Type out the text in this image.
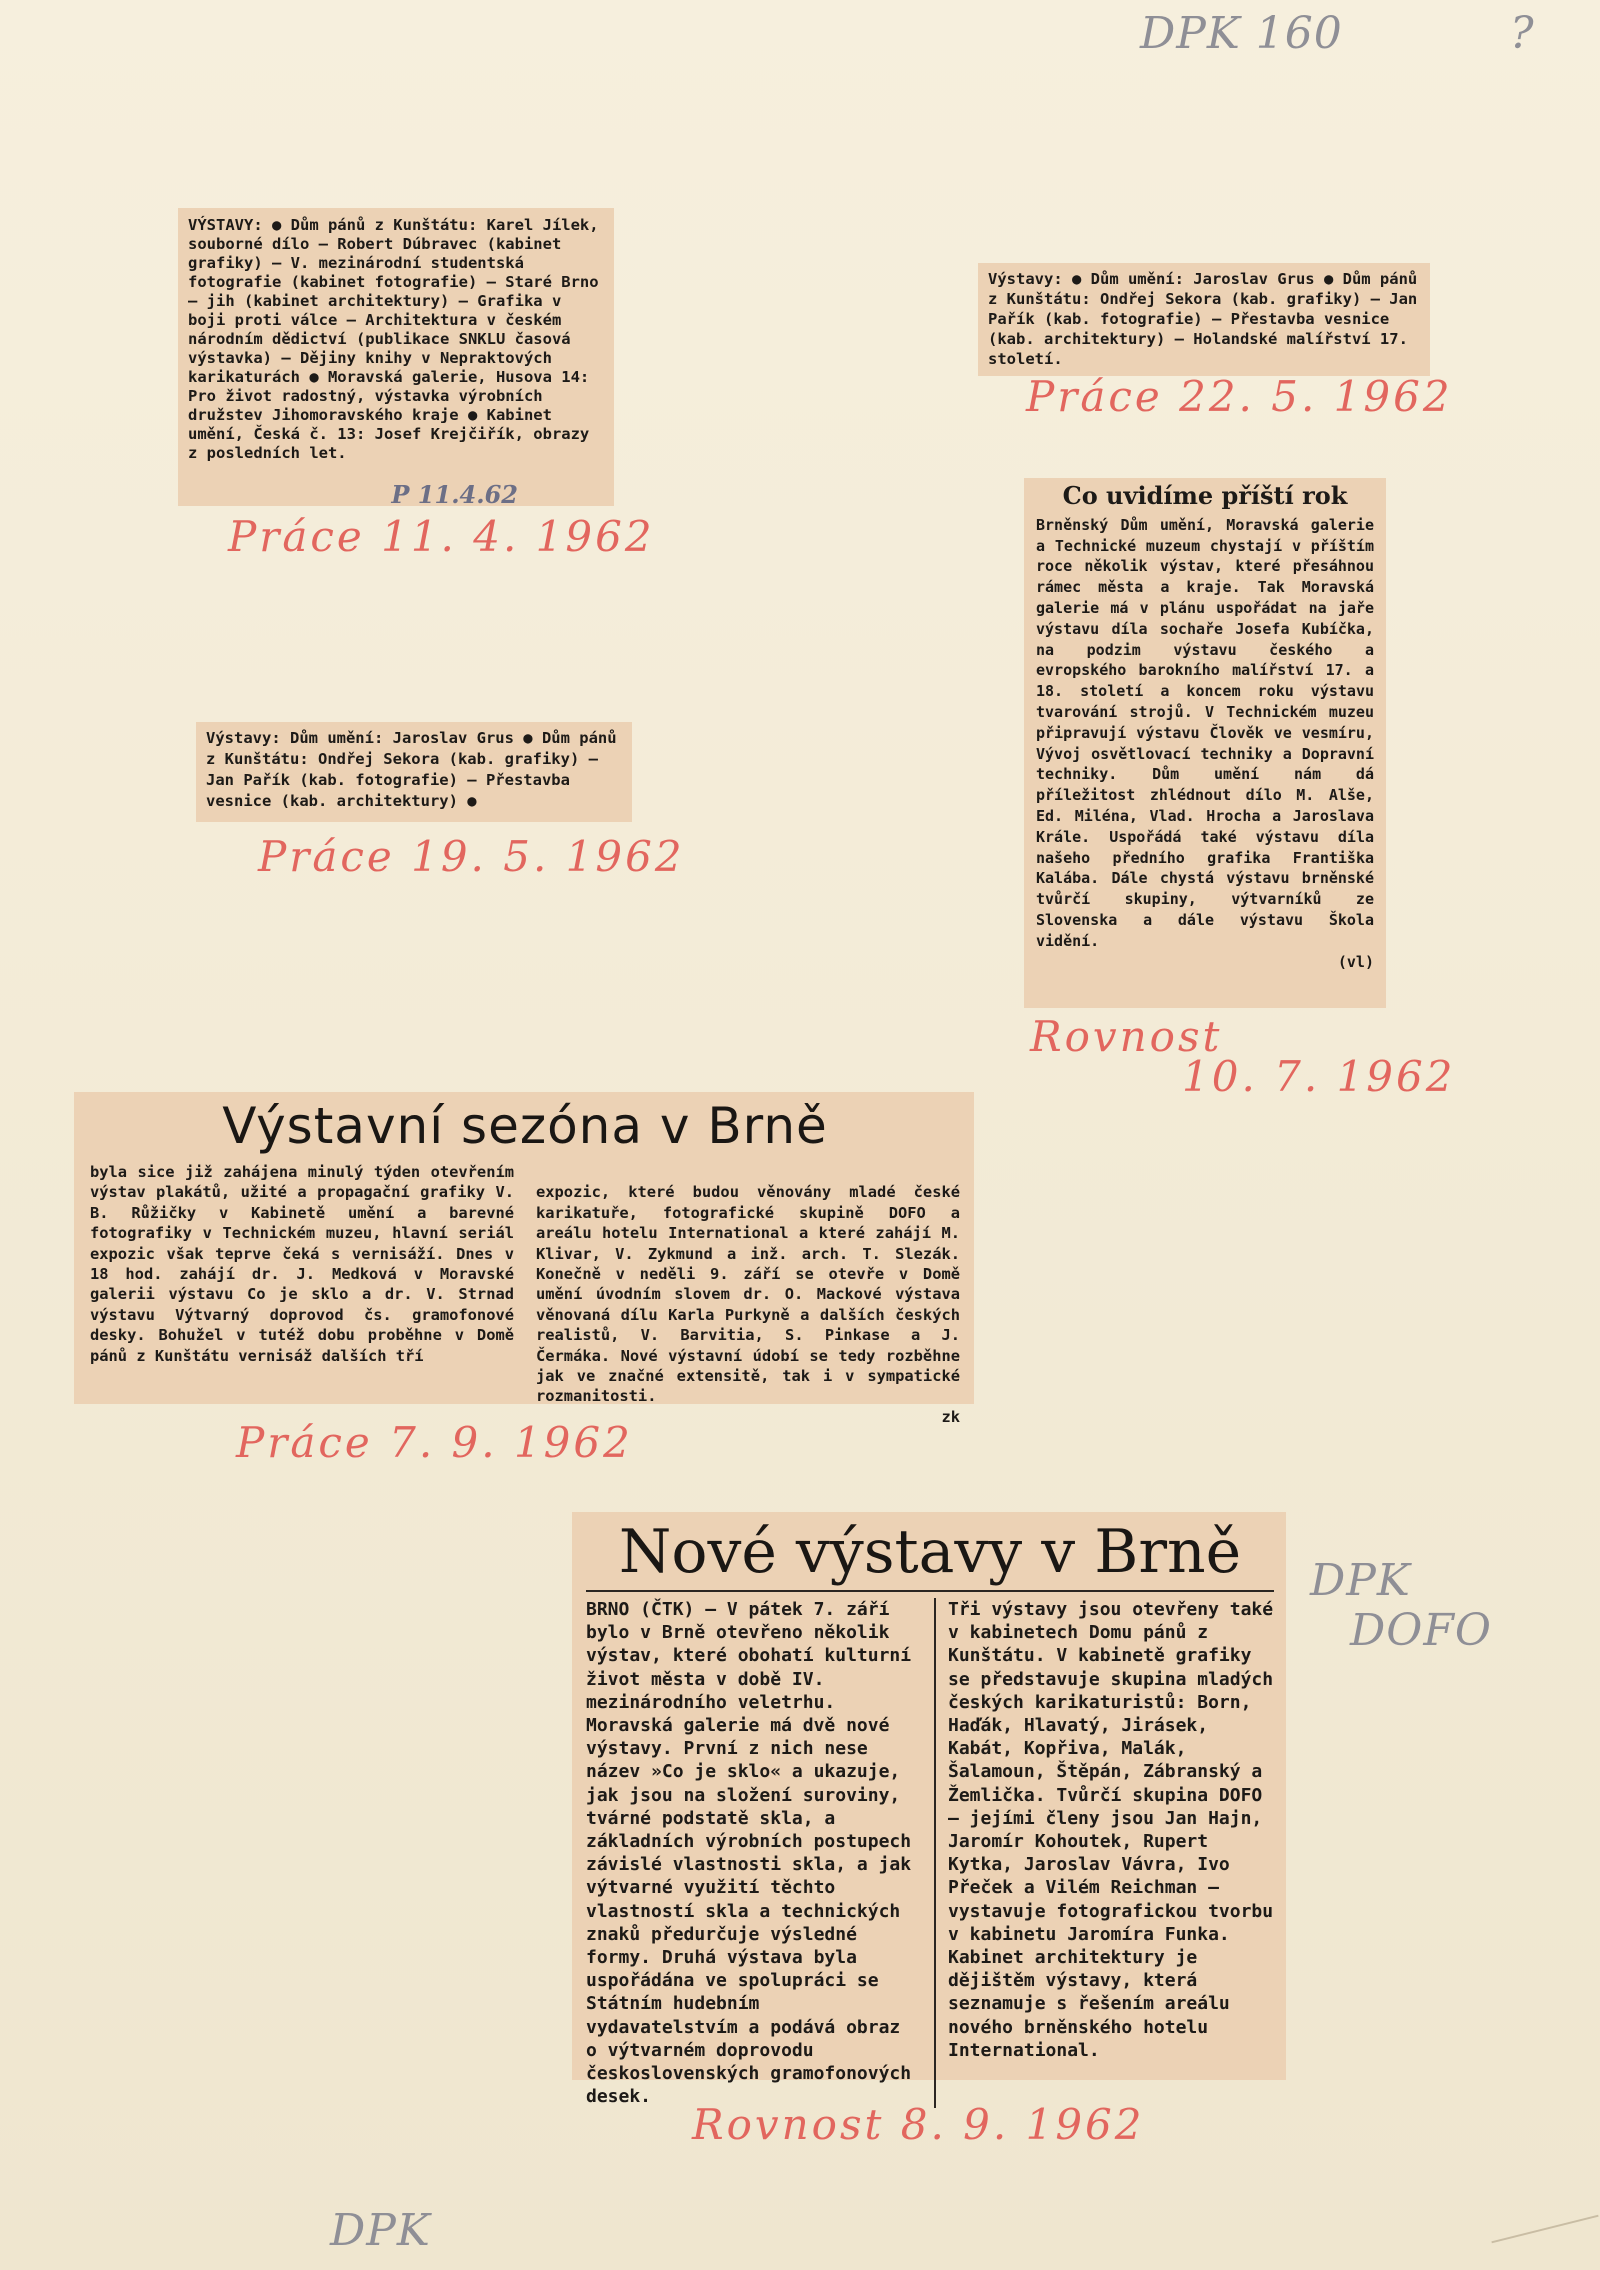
DPK 160	?
DPK
DOFO
DPK

VÝSTAVY: ● Dům pánů z Kunštátu: Karel Jílek, souborné dílo — Robert Dúbravec (kabinet grafiky) — V. mezinárodní studentská fotografie (kabinet fotografie) — Staré Brno — jih (kabinet architektury) — Grafika v boji proti válce — Architektura v českém národním dědictví (publikace SNKLU časová výstavka) — Dějiny knihy v Nepraktových karikaturách ● Moravská galerie, Husova 14: Pro život radostný, výstavka výrobních družstev Jihomoravského kraje ● Kabinet umění, Česká č. 13: Josef Krejčiřík, obrazy z posledních let.

P 11.4.62
Práce 11. 4. 1962

Výstavy: ● Dům umění: Jaroslav Grus ● Dům pánů z Kunštátu: Ondřej Sekora (kab. grafiky) — Jan Pařík (kab. fotografie) — Přestavba vesnice (kab. architektury) — Holandské malířství 17. století.

Práce 22. 5. 1962

Výstavy: Dům umění: Jaroslav Grus ● Dům pánů z Kunštátu: Ondřej Sekora (kab. grafiky) — Jan Pařík (kab. fotografie) — Přestavba vesnice (kab. architektury) ●

Práce 19. 5. 1962
Co uvidíme příští rok

Brněnský Dům umění, Moravská galerie a Technické muzeum chystají v příštím roce několik výstav, které přesáhnou rámec města a kraje. Tak Moravská galerie má v plánu uspořádat na jaře výstavu díla sochaře Josefa Kubíčka, na podzim výstavu českého a evropského barokního malířství 17. a 18. století a koncem roku výstavu tvarování strojů. V Technickém muzeu připravují výstavu Člověk ve vesmíru, Vývoj osvětlovací techniky a Dopravní techniky. Dům umění nám dá příležitost zhlédnout dílo M. Alše, Ed. Miléna, Vlad. Hrocha a Jaroslava Krále. Uspořádá také výstavu díla našeho předního grafika Františka Kalába. Dále chystá výstavu brněnské tvůrčí skupiny, výtvarníků ze Slovenska a dále výstavu Škola vidění.

(vl)
Rovnost
10. 7. 1962
Výstavní sezóna v Brně
byla sice již zahájena minulý týden otevřením výstav plakátů, užité a propagační grafiky V. B. Růžičky v Kabinetě umění a barevné fotografiky v Technickém muzeu, hlavní seriál expozic však teprve čeká s vernisáží. Dnes v 18 hod. zahájí dr. J. Medková v Moravské galerii výstavu Co je sklo a dr. V. Strnad výstavu Výtvarný doprovod čs. gramofonové desky. Bohužel v tutéž dobu proběhne v Domě pánů z Kunštátu vernisáž dalších tří

expozic, které budou věnovány mladé české karikatuře, fotografické skupině DOFO a areálu hotelu International a které zahájí M. Klivar, V. Zykmund a inž. arch. T. Slezák. Konečně v neděli 9. září se otevře v Domě umění úvodním slovem dr. O. Mackové výstava věnovaná dílu Karla Purkyně a dalších českých realistů, V. Barvitia, S. Pinkase a J. Čermáka. Nové výstavní údobí se tedy rozběhne jak ve značné extensitě, tak i v sympatické rozmanitosti.

zk

Práce 7. 9. 1962
Nové výstavy v Brně
BRNO (ČTK) — V pátek 7. září bylo v Brně otevřeno několik výstav, které obohatí kulturní život města v době IV. mezinárodního veletrhu.
Moravská galerie má dvě nové výstavy. První z nich nese název »Co je sklo« a ukazuje, jak jsou na složení suroviny, tvárné podstatě skla, a základních výrobních postupech závislé vlastnosti skla, a jak výtvarné využití těchto vlastností skla a technických znaků předurčuje výsledné formy. Druhá výstava byla uspořádána ve spolupráci se Státním hudebním vydavatelstvím a podává obraz o výtvarném doprovodu československých gramofonových desek.
Tři výstavy jsou otevřeny také v kabinetech Domu pánů z Kunštátu. V kabinetě grafiky se představuje skupina mladých českých karikaturistů: Born, Haďák, Hlavatý, Jirásek, Kabát, Kopřiva, Malák, Šalamoun, Štěpán, Zábranský a Žemlička. Tvůrčí skupina DOFO — jejími členy jsou Jan Hajn, Jaromír Kohoutek, Rupert Kytka, Jaroslav Vávra, Ivo Přeček a Vilém Reichman — vystavuje fotografickou tvorbu v kabinetu Jaromíra Funka. Kabinet architektury je dějištěm výstavy, která seznamuje s řešením areálu nového brněnského hotelu International.
Rovnost 8. 9. 1962
